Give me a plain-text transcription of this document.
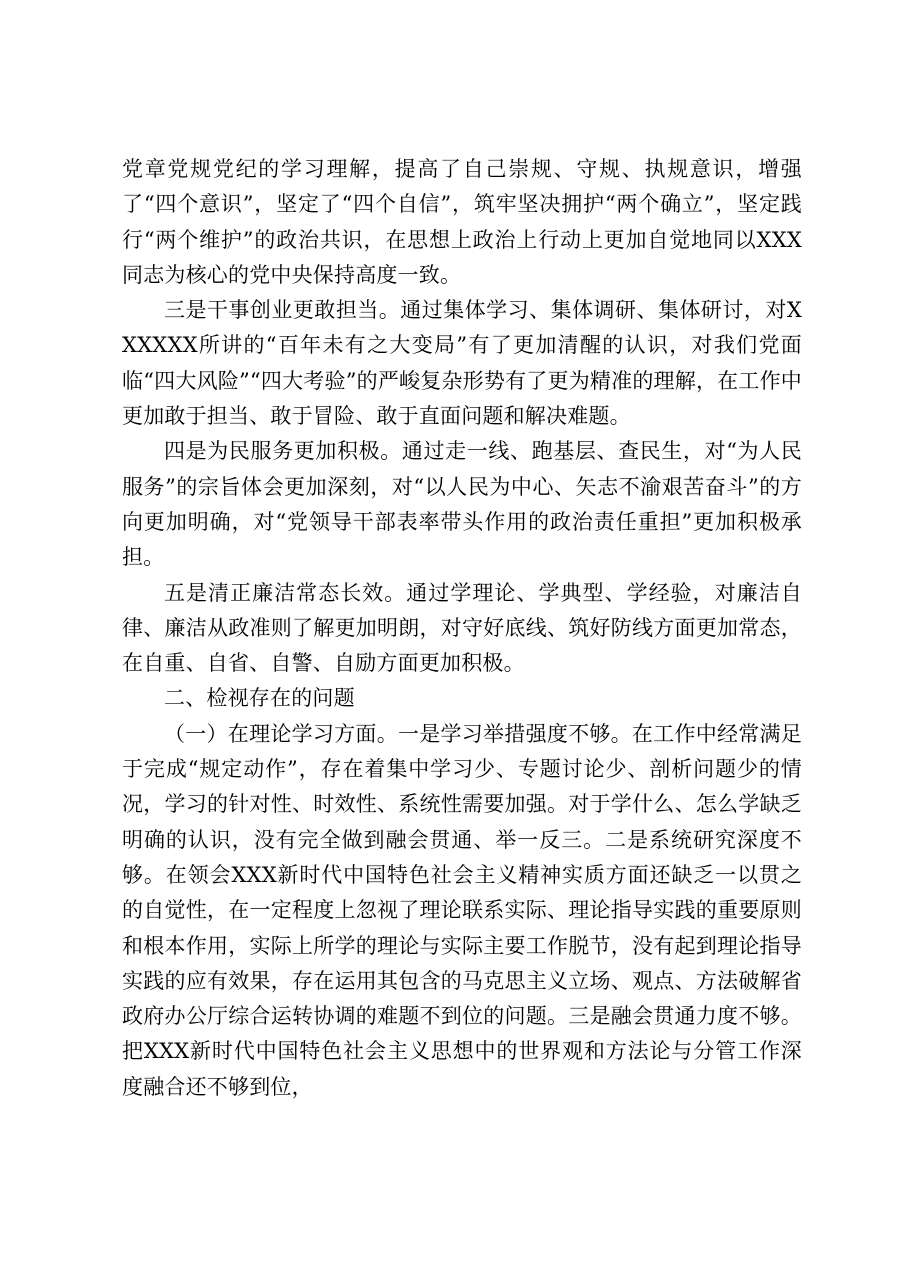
党章党规党纪的学习理解，提高了自己崇规、守规、执规意识，增强了“四个意识”，坚定了“四个自信”，筑牢坚决拥护“两个确立”，坚定践行“两个维护”的政治共识，在思想上政治上行动上更加自觉地同以XXX同志为核心的党中央保持高度一致。

三是干事创业更敢担当。通过集体学习、集体调研、集体研讨，对XXXXXX所讲的“百年未有之大变局”有了更加清醒的认识，对我们党面临“四大风险”“四大考验”的严峻复杂形势有了更为精准的理解，在工作中更加敢于担当、敢于冒险、敢于直面问题和解决难题。

四是为民服务更加积极。通过走一线、跑基层、查民生，对“为人民服务”的宗旨体会更加深刻，对“以人民为中心、矢志不渝艰苦奋斗”的方向更加明确，对“党领导干部表率带头作用的政治责任重担”更加积极承担。

五是清正廉洁常态长效。通过学理论、学典型、学经验，对廉洁自律、廉洁从政准则了解更加明朗，对守好底线、筑好防线方面更加常态，在自重、自省、自警、自励方面更加积极。

二、检视存在的问题

（一）在理论学习方面。一是学习举措强度不够。在工作中经常满足于完成“规定动作”，存在着集中学习少、专题讨论少、剖析问题少的情况，学习的针对性、时效性、系统性需要加强。对于学什么、怎么学缺乏明确的认识，没有完全做到融会贯通、举一反三。二是系统研究深度不够。在领会XXX新时代中国特色社会主义精神实质方面还缺乏一以贯之的自觉性，在一定程度上忽视了理论联系实际、理论指导实践的重要原则和根本作用，实际上所学的理论与实际主要工作脱节，没有起到理论指导实践的应有效果，存在运用其包含的马克思主义立场、观点、方法破解省政府办公厅综合运转协调的难题不到位的问题。三是融会贯通力度不够。把XXX新时代中国特色社会主义思想中的世界观和方法论与分管工作深度融合还不够到位，
